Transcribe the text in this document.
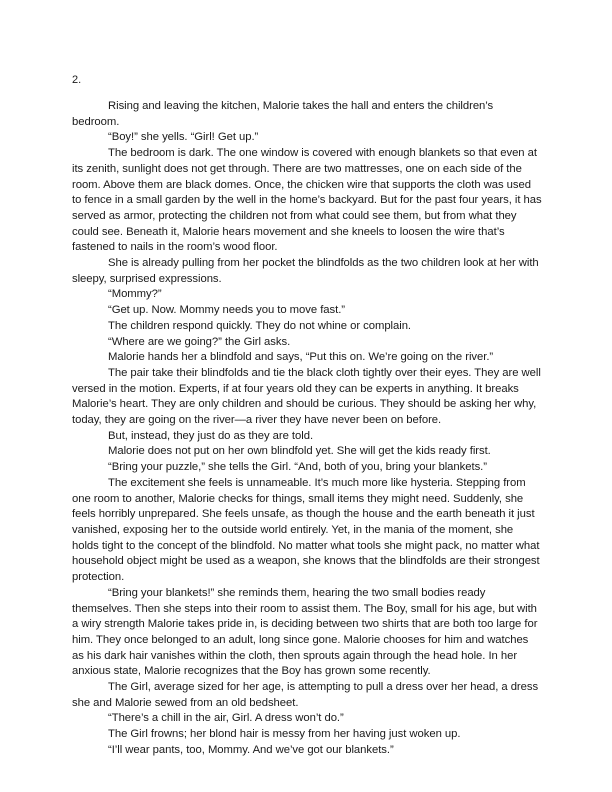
2.

Rising and leaving the kitchen, Malorie takes the hall and enters the children’s bedroom.

“Boy!” she yells. “Girl! Get up.”

The bedroom is dark. The one window is covered with enough blankets so that even at its zenith, sunlight does not get through. There are two mattresses, one on each side of the room. Above them are black domes. Once, the chicken wire that supports the cloth was used to fence in a small garden by the well in the home’s backyard. But for the past four years, it has served as armor, protecting the children not from what could see them, but from what they could see. Beneath it, Malorie hears movement and she kneels to loosen the wire that’s fastened to nails in the room’s wood floor.

She is already pulling from her pocket the blindfolds as the two children look at her with sleepy, surprised expressions.

“Mommy?”

“Get up. Now. Mommy needs you to move fast.”

The children respond quickly. They do not whine or complain.

“Where are we going?” the Girl asks.

Malorie hands her a blindfold and says, “Put this on. We’re going on the river.”

The pair take their blindfolds and tie the black cloth tightly over their eyes. They are well versed in the motion. Experts, if at four years old they can be experts in anything. It breaks Malorie’s heart. They are only children and should be curious. They should be asking her why, today, they are going on the river—a river they have never been on before.

But, instead, they just do as they are told.

Malorie does not put on her own blindfold yet. She will get the kids ready first.

“Bring your puzzle,” she tells the Girl. “And, both of you, bring your blankets.”

The excitement she feels is unnameable. It’s much more like hysteria. Stepping from one room to another, Malorie checks for things, small items they might need. Suddenly, she feels horribly unprepared. She feels unsafe, as though the house and the earth beneath it just vanished, exposing her to the outside world entirely. Yet, in the mania of the moment, she holds tight to the concept of the blindfold. No matter what tools she might pack, no matter what household object might be used as a weapon, she knows that the blindfolds are their strongest protection.

“Bring your blankets!” she reminds them, hearing the two small bodies ready themselves. Then she steps into their room to assist them. The Boy, small for his age, but with a wiry strength Malorie takes pride in, is deciding between two shirts that are both too large for him. They once belonged to an adult, long since gone. Malorie chooses for him and watches as his dark hair vanishes within the cloth, then sprouts again through the head hole. In her anxious state, Malorie recognizes that the Boy has grown some recently.

The Girl, average sized for her age, is attempting to pull a dress over her head, a dress she and Malorie sewed from an old bedsheet.

“There’s a chill in the air, Girl. A dress won’t do.”

The Girl frowns; her blond hair is messy from her having just woken up.

“I’ll wear pants, too, Mommy. And we’ve got our blankets.”
